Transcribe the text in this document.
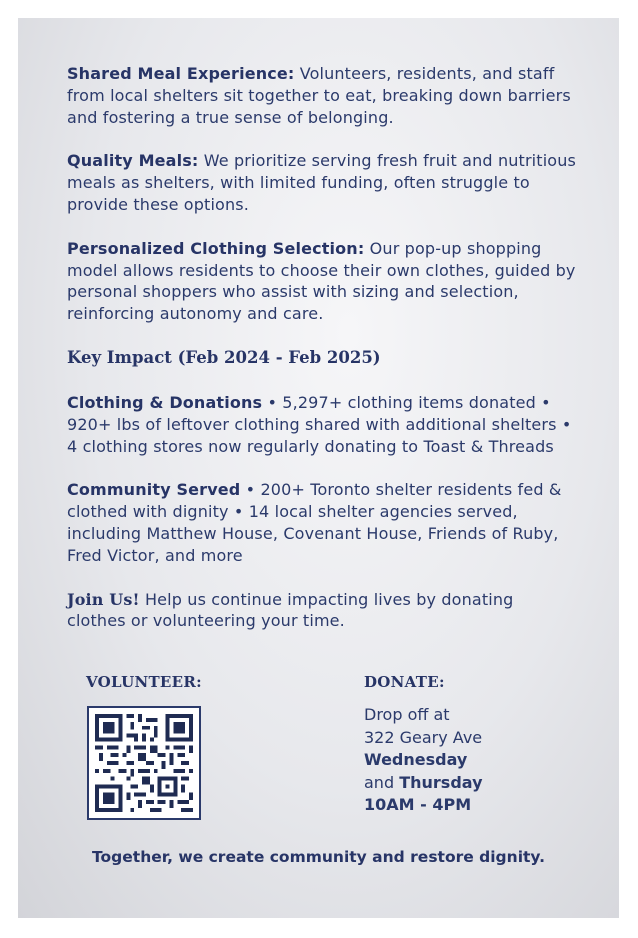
Shared Meal Experience: Volunteers, residents, and staff from local shelters sit together to eat, breaking down barriers and fostering a true sense of belonging.

Quality Meals: We prioritize serving fresh fruit and nutritious meals as shelters, with limited funding, often struggle to provide these options.

Personalized Clothing Selection: Our pop-up shopping model allows residents to choose their own clothes, guided by personal shoppers who assist with sizing and selection, reinforcing autonomy and care.

Key Impact (Feb 2024 - Feb 2025)

Clothing & Donations • 5,297+ clothing items donated • 920+ lbs of leftover clothing shared with additional shelters • 4 clothing stores now regularly donating to Toast & Threads

Community Served • 200+ Toronto shelter residents fed & clothed with dignity • 14 local shelter agencies served, including Matthew House, Covenant House, Friends of Ruby, Fred Victor, and more

Join Us! Help us continue impacting lives by donating clothes or volunteering your time.

VOLUNTEER:	DONATE:
Drop off at
322 Geary Ave
Wednesday
and Thursday
10AM - 4PM
Together, we create community and restore dignity.
